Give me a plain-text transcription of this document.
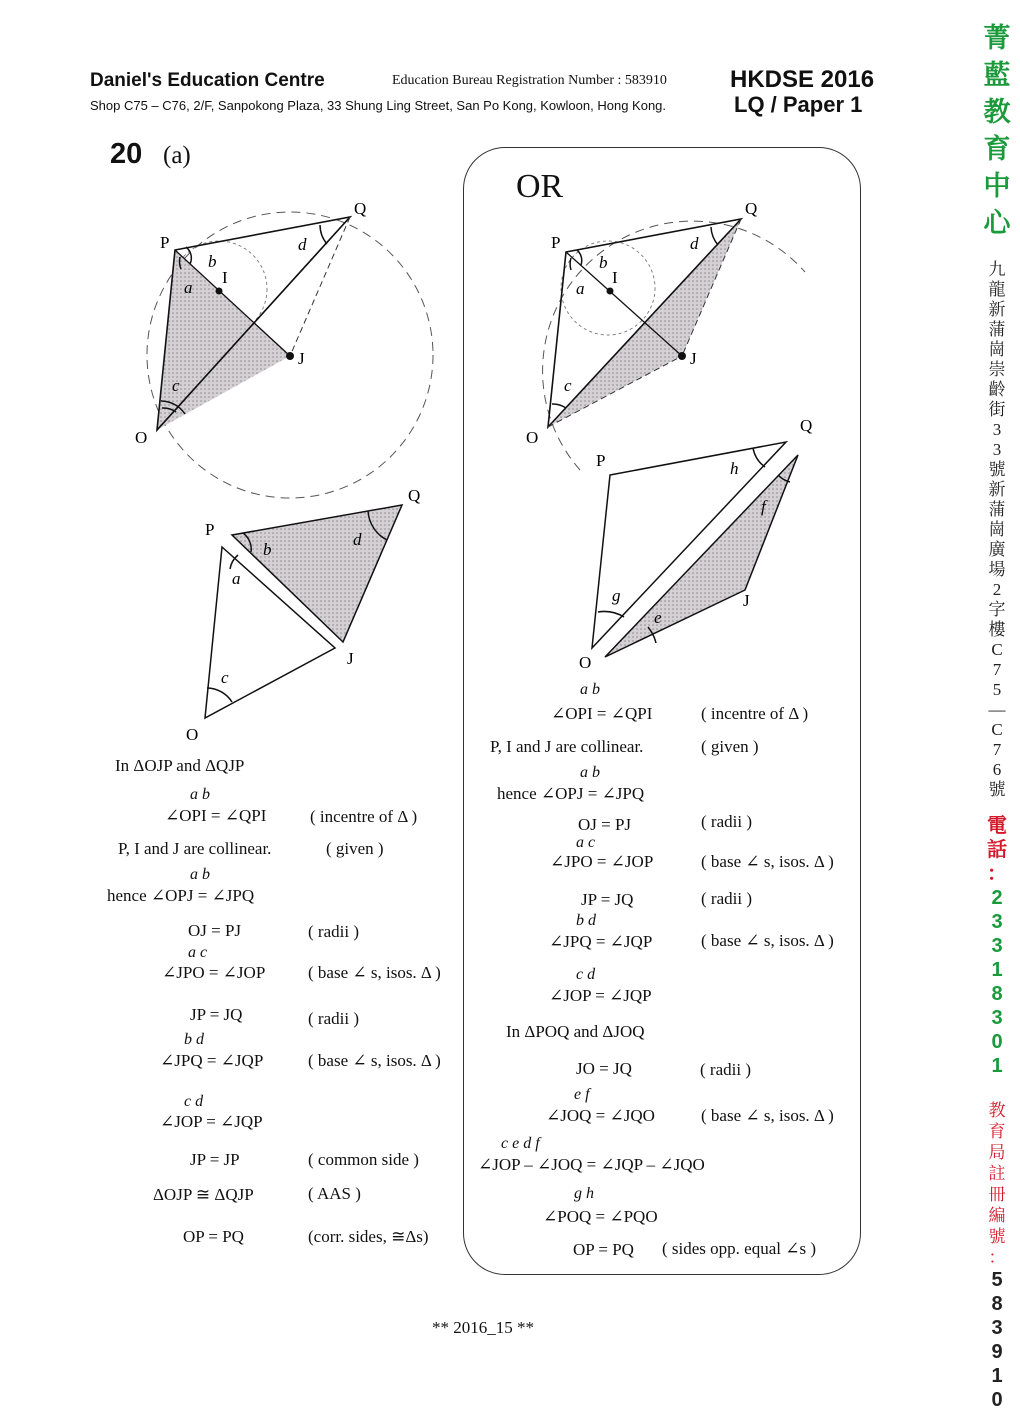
Daniel's Education Centre	Education Bureau Registration Number : 583910
Shop C75 – C76, 2/F, Sanpokong Plaza, 33 Shung Ling Street, San Po Kong, Kowloon, Hong Kong.
HKDSE 2016
LQ / Paper 1
20 (a)
OR
P
Q
O
J
I
a
b
d
c
P
Q
O
J
a
b
d
c
P
Q
O
J
I
a
b
d
c
P
Q
O
J
h
f
g
e
In ΔOJP and ΔQJP
a b
∠OPI = ∠QPI	( incentre of Δ )
P, I and J are collinear.	( given )
a b
hence ∠OPJ = ∠JPQ
OJ = PJ	( radii )
a c
∠JPO = ∠JOP	( base ∠ s, isos. Δ )
JP = JQ	( radii )
b d
∠JPQ = ∠JQP	( base ∠ s, isos. Δ )
c d
∠JOP = ∠JQP
JP = JP	( common side )
ΔOJP ≅ ΔQJP	( AAS )
OP = PQ	(corr. sides, ≅Δs)
a b
∠OPI = ∠QPI	( incentre of Δ )
P, I and J are collinear.	( given )
a b
hence ∠OPJ = ∠JPQ
OJ = PJ	( radii )
a c
∠JPO = ∠JOP	( base ∠ s, isos. Δ )
JP = JQ	( radii )
b d
∠JPQ = ∠JQP	( base ∠ s, isos. Δ )
c d
∠JOP = ∠JQP
In ΔPOQ and ΔJOQ
JO = JQ	( radii )
e f
∠JOQ = ∠JQO	( base ∠ s, isos. Δ )
c e d f
∠JOP – ∠JOQ = ∠JQP – ∠JQO
g h
∠POQ = ∠PQO
OP = PQ ( sides opp. equal ∠s )
** 2016_15 **
菁
藍
教
育
中
心
九
龍
新
蒲
崗
崇
齡
街
3
3
號
新
蒲
崗
廣
場
2
字
樓
C
7
5
—
C
7
6
號
電
話
：
2
3
3
1
8
3
0
1
教
育
局
註
冊
編
號
：
5
8
3
9
1
0
